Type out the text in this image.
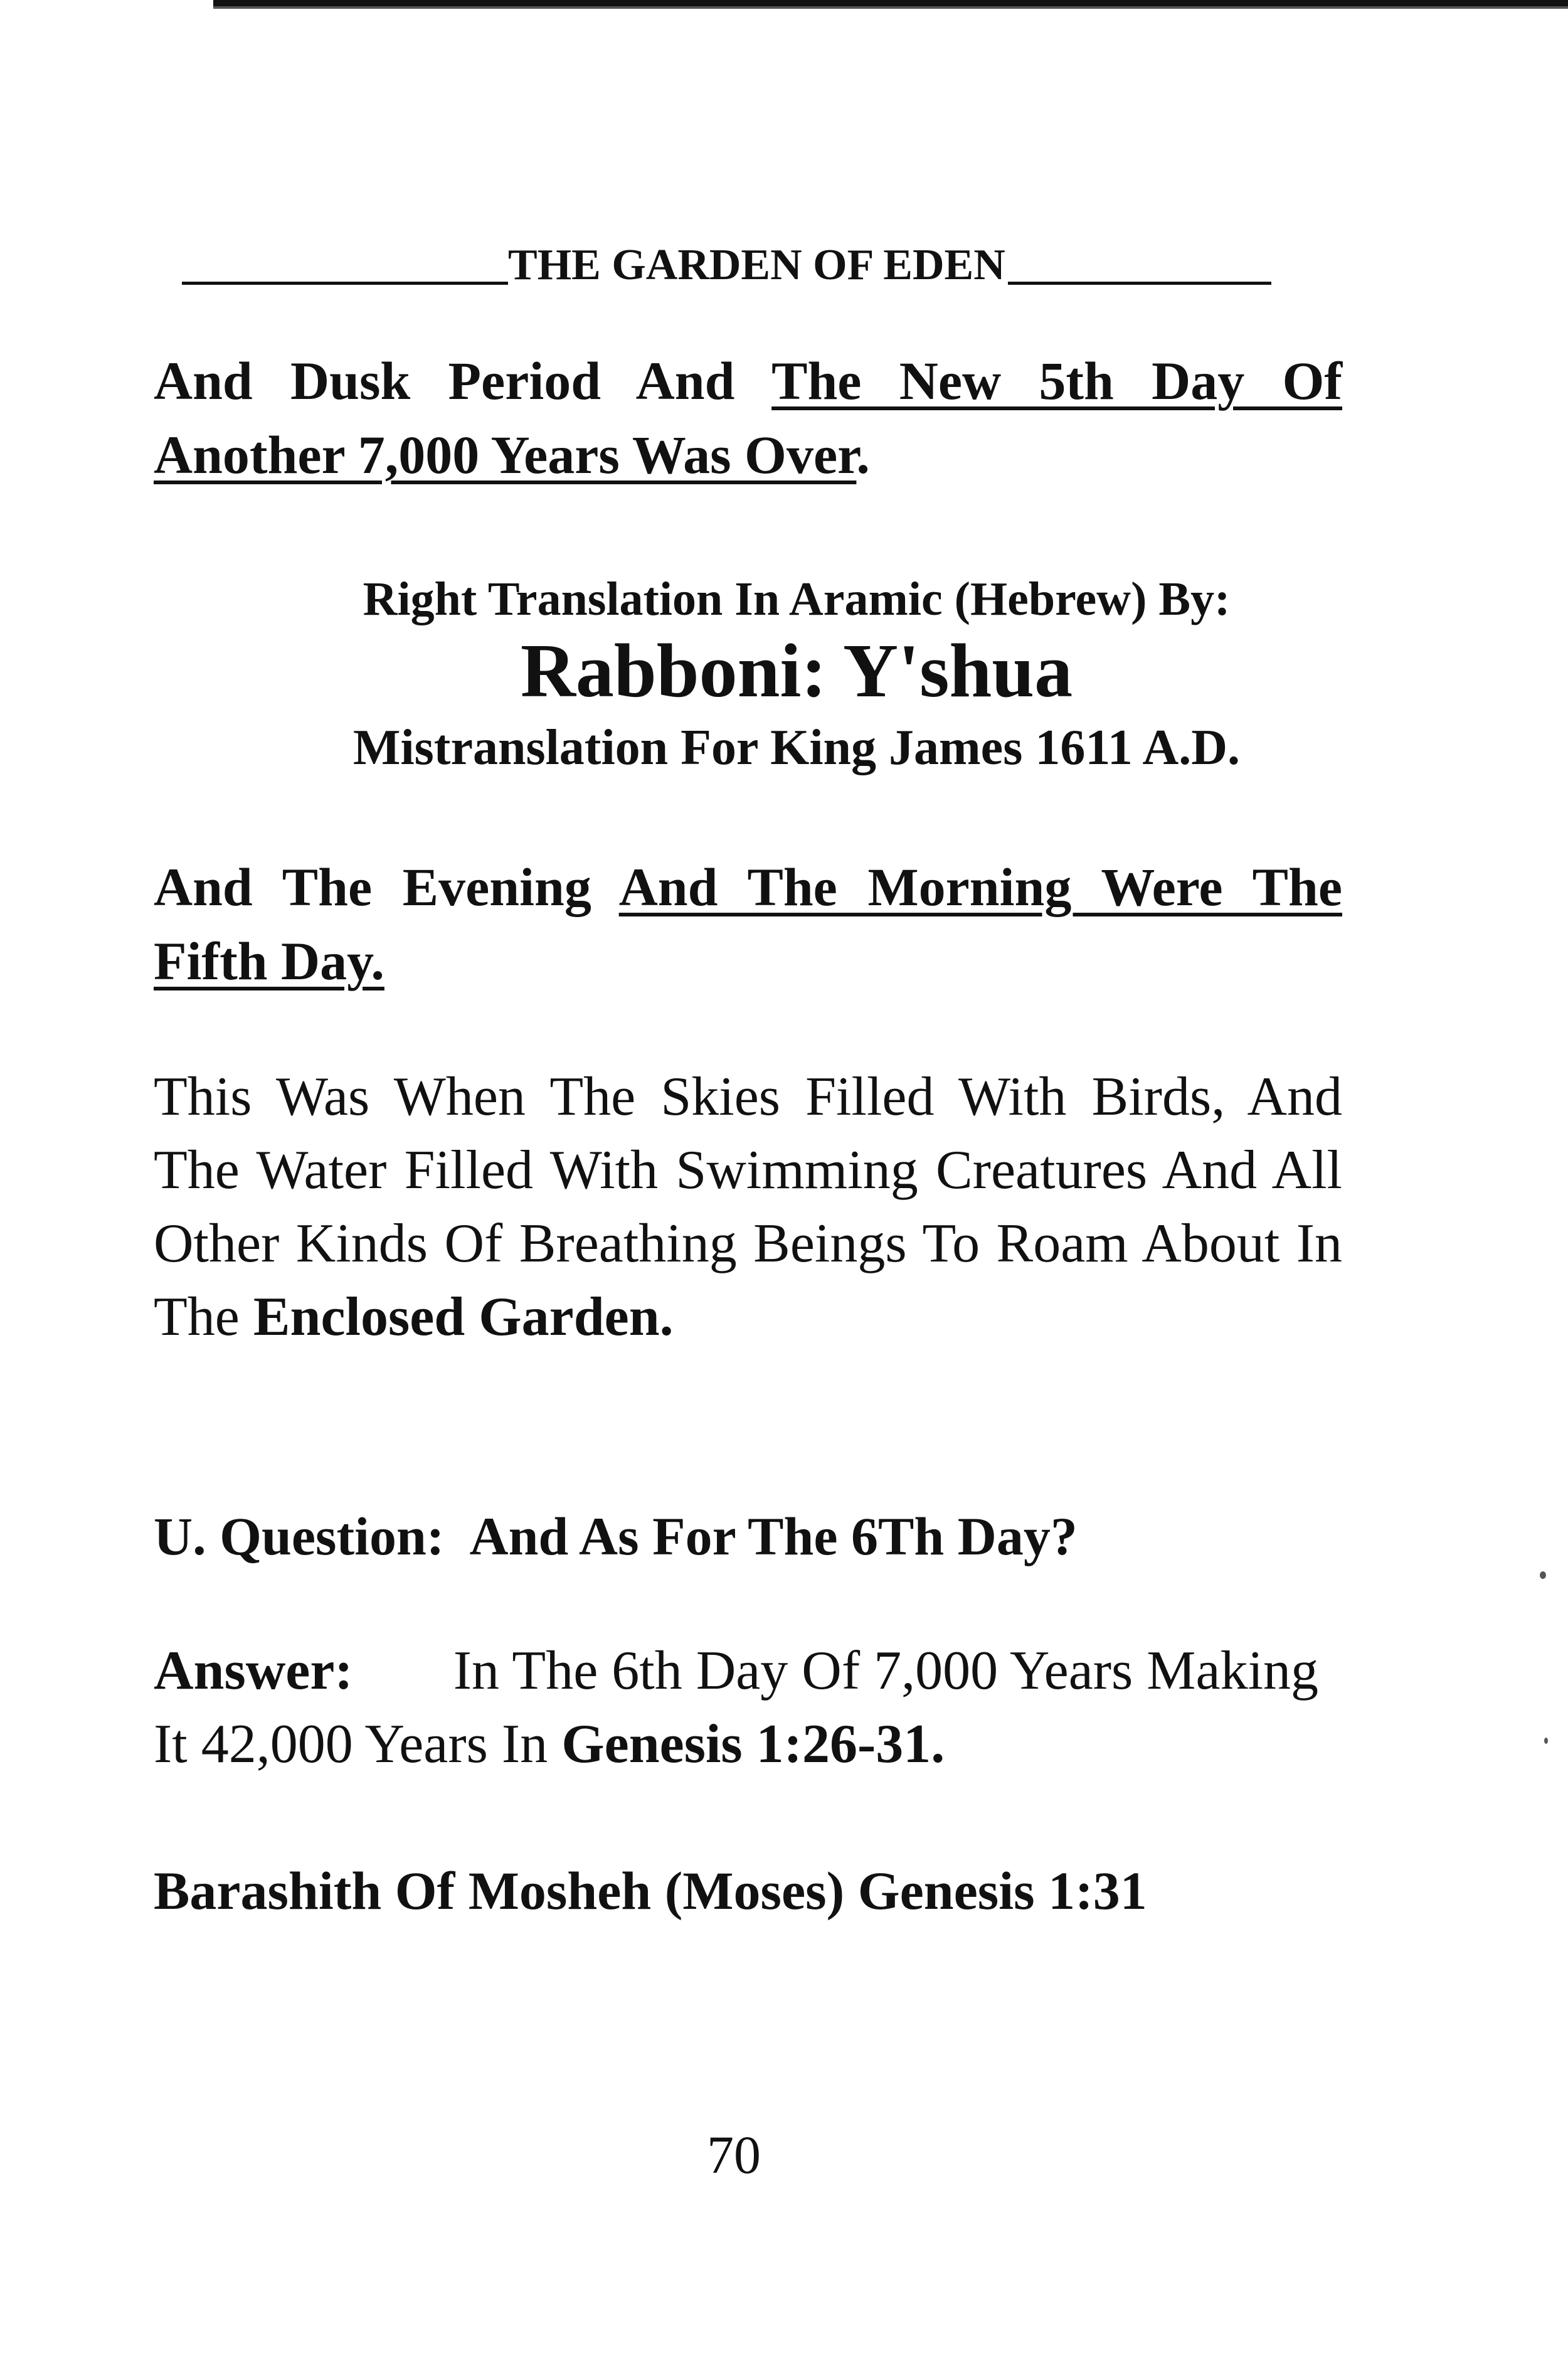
THE GARDEN OF EDEN
And Dusk Period And The New 5th Day Of Another 7,000 Years Was Over.
Right Translation In Aramic (Hebrew) By:
Rabboni: Y'shua
Mistranslation For King James 1611 A.D.
And The Evening And The Morning Were The Fifth Day.
This Was When The Skies Filled With Birds, And The Water Filled With Swimming Creatures And All Other Kinds Of Breathing Beings To Roam About In The Enclosed Garden.
U. Question: And As For The 6Th Day?
Answer: In The 6th Day Of 7,000 Years Making It 42,000 Years In Genesis 1:26-31.
Barashith Of Mosheh (Moses) Genesis 1:31
70
